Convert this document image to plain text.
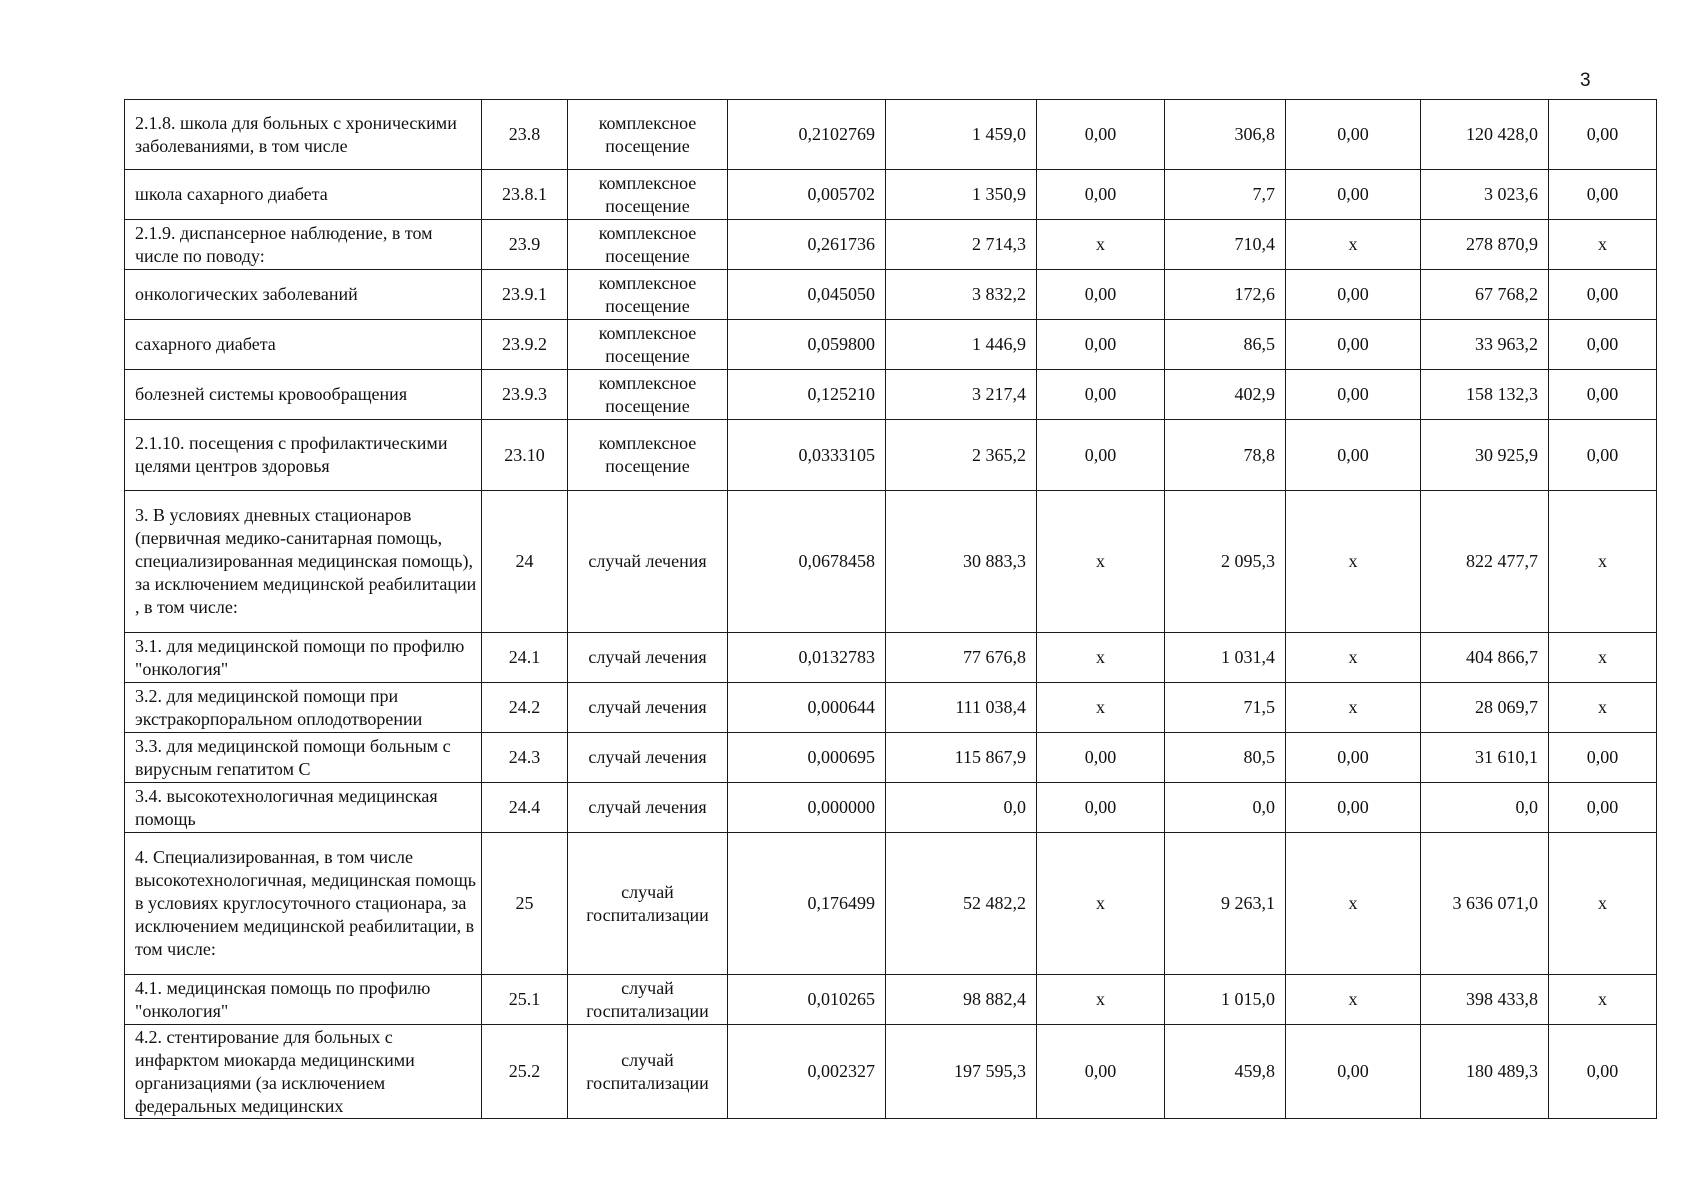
3
2.1.8. школа для больных с хроническими заболеваниями, в том числе	23.8	комплексное посещение	0,2102769	1 459,0	0,00	306,8	0,00	120 428,0	0,00
школа сахарного диабета	23.8.1	комплексное посещение	0,005702	1 350,9	0,00	7,7	0,00	3 023,6	0,00
2.1.9. диспансерное наблюдение, в том числе по поводу:	23.9	комплексное посещение	0,261736	2 714,3	х	710,4	х	278 870,9	х
онкологических заболеваний	23.9.1	комплексное посещение	0,045050	3 832,2	0,00	172,6	0,00	67 768,2	0,00
сахарного диабета	23.9.2	комплексное посещение	0,059800	1 446,9	0,00	86,5	0,00	33 963,2	0,00
болезней системы кровообращения	23.9.3	комплексное посещение	0,125210	3 217,4	0,00	402,9	0,00	158 132,3	0,00
2.1.10. посещения с профилактическими целями центров здоровья	23.10	комплексное посещение	0,0333105	2 365,2	0,00	78,8	0,00	30 925,9	0,00
3. В условиях дневных стационаров (первичная медико-санитарная помощь, специализированная медицинская помощь), за исключением медицинской реабилитации , в том числе:	24	случай лечения	0,0678458	30 883,3	х	2 095,3	х	822 477,7	х
3.1. для медицинской помощи по профилю "онкология"	24.1	случай лечения	0,0132783	77 676,8	х	1 031,4	х	404 866,7	х
3.2. для медицинской помощи при экстракорпоральном оплодотворении	24.2	случай лечения	0,000644	111 038,4	х	71,5	х	28 069,7	х
3.3. для медицинской помощи больным с вирусным гепатитом С	24.3	случай лечения	0,000695	115 867,9	0,00	80,5	0,00	31 610,1	0,00
3.4. высокотехнологичная медицинская помощь	24.4	случай лечения	0,000000	0,0	0,00	0,0	0,00	0,0	0,00
4. Специализированная, в том числе высокотехнологичная, медицинская помощь в условиях круглосуточного стационара, за исключением медицинской реабилитации, в том числе:	25	случай госпитализации	0,176499	52 482,2	х	9 263,1	х	3 636 071,0	х
4.1. медицинская помощь по профилю "онкология"	25.1	случай госпитализации	0,010265	98 882,4	х	1 015,0	х	398 433,8	х
4.2. стентирование для больных с инфарктом миокарда медицинскими организациями (за исключением федеральных медицинских	25.2	случай госпитализации	0,002327	197 595,3	0,00	459,8	0,00	180 489,3	0,00
